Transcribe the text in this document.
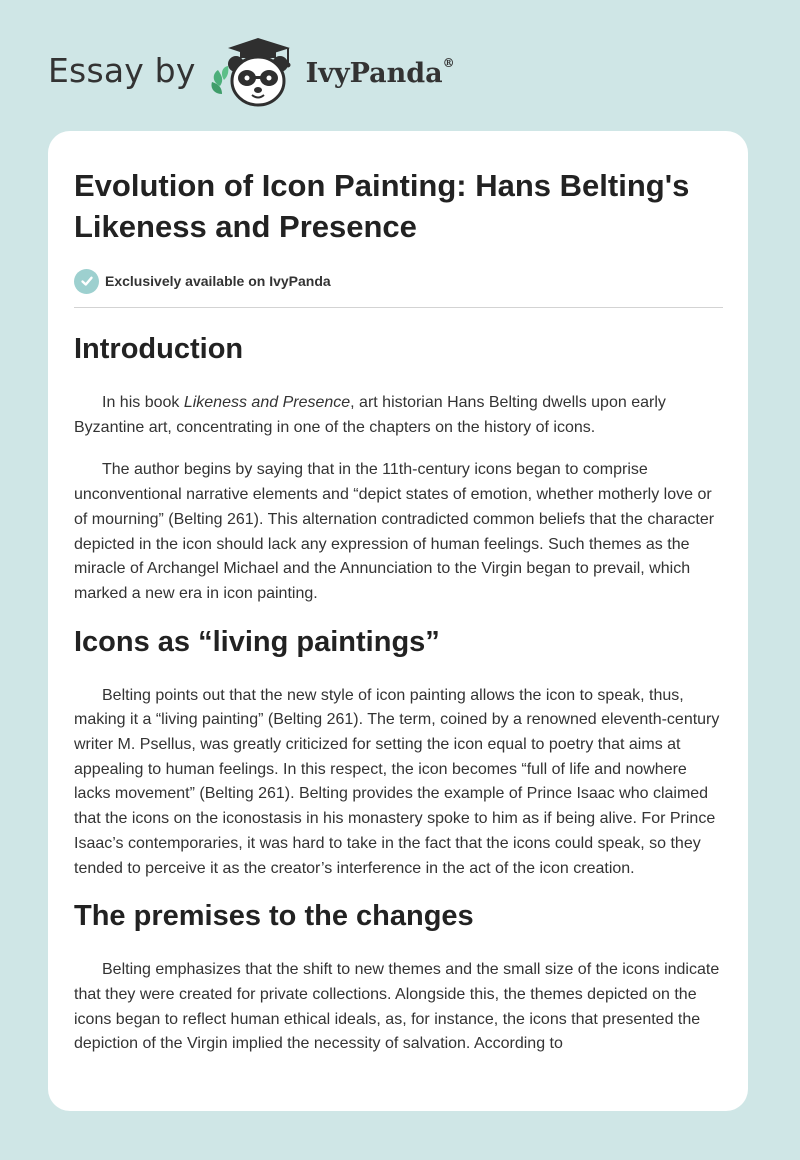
Essay by	IvyPanda®
Evolution of Icon Painting: Hans Belting's Likeness and Presence
Exclusively available on IvyPanda
Introduction

In his book Likeness and Presence, art historian Hans Belting dwells upon early Byzantine art, concentrating in one of the chapters on the history of icons.

The author begins by saying that in the 11th-century icons began to comprise unconventional narrative elements and “depict states of emotion, whether motherly love or of mourning” (Belting 261). This alternation contradicted common beliefs that the character depicted in the icon should lack any expression of human feelings. Such themes as the miracle of Archangel Michael and the Annunciation to the Virgin began to prevail, which marked a new era in icon painting.

Icons as “living paintings”

Belting points out that the new style of icon painting allows the icon to speak, thus, making it a “living painting” (Belting 261). The term, coined by a renowned eleventh-century writer M. Psellus, was greatly criticized for setting the icon equal to poetry that aims at appealing to human feelings. In this respect, the icon becomes “full of life and nowhere lacks movement” (Belting 261). Belting provides the example of Prince Isaac who claimed that the icons on the iconostasis in his monastery spoke to him as if being alive. For Prince Isaac’s contemporaries, it was hard to take in the fact that the icons could speak, so they tended to perceive it as the creator’s interference in the act of the icon creation.

The premises to the changes

Belting emphasizes that the shift to new themes and the small size of the icons indicate that they were created for private collections. Alongside this, the themes depicted on the icons began to reflect human ethical ideals, as, for instance, the icons that presented the depiction of the Virgin implied the necessity of salvation. According to
